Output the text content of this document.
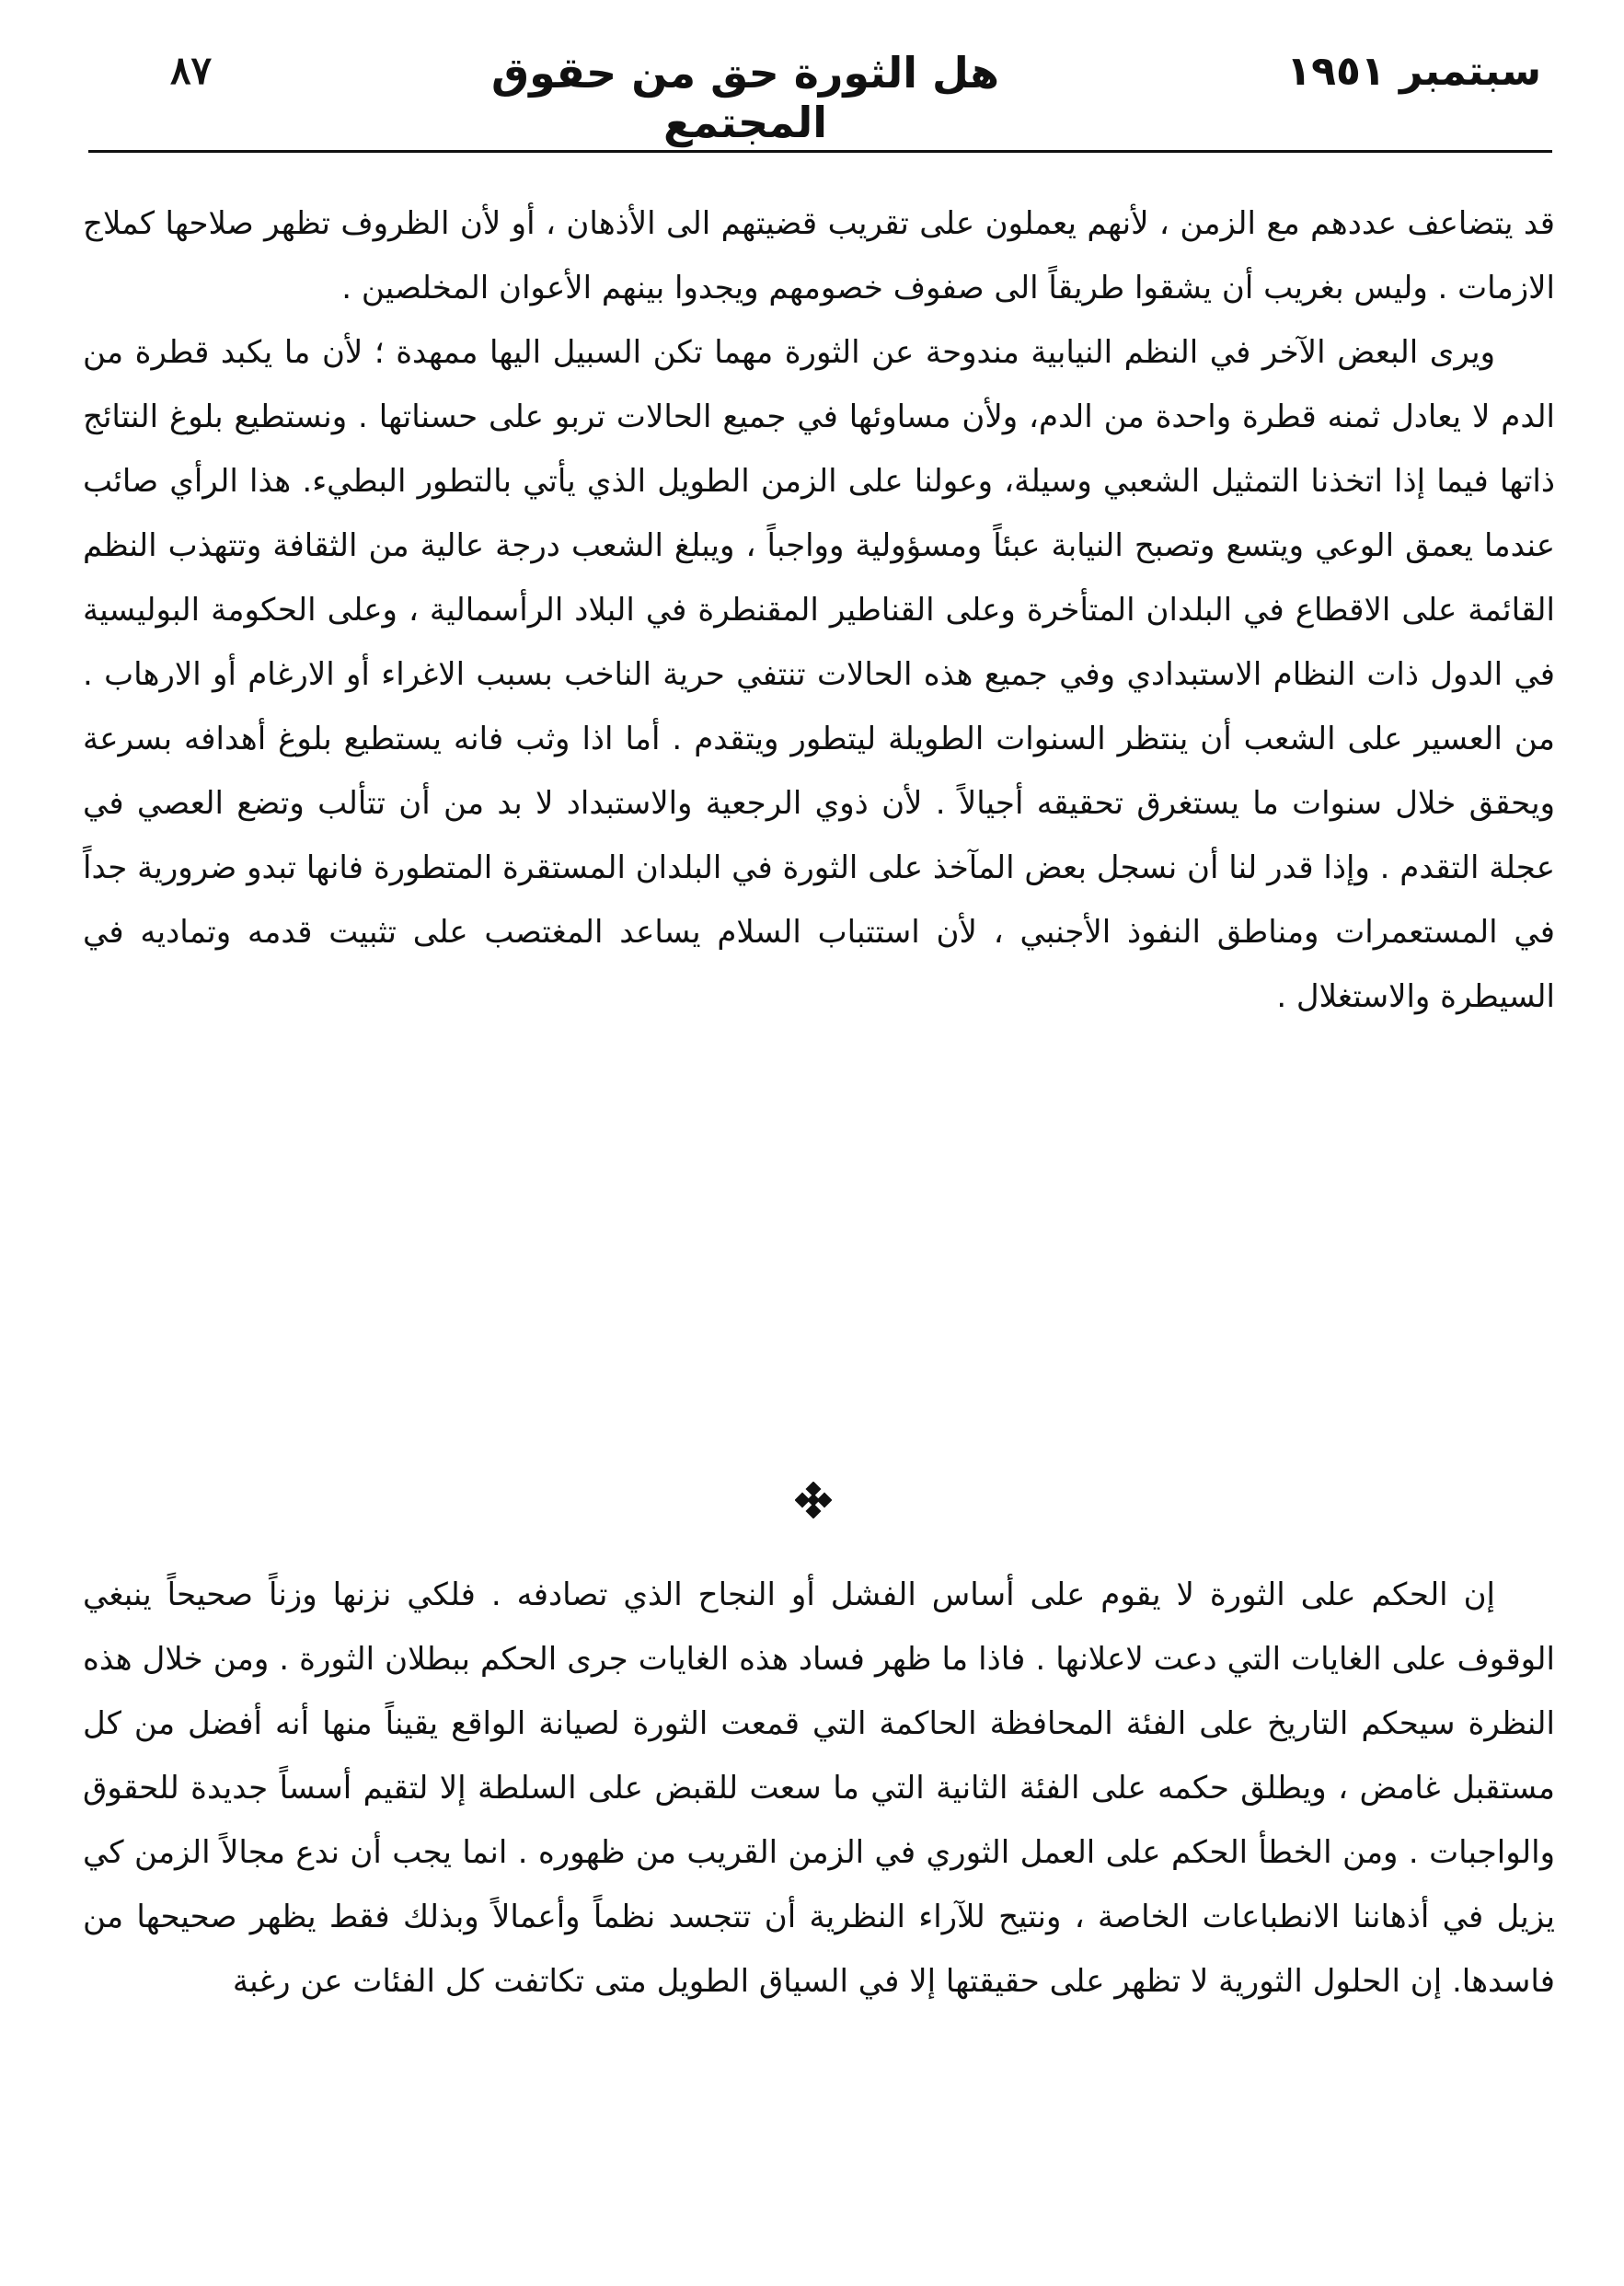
٨٧	هل الثورة حق من حقوق المجتمع
سبتمبر ١٩٥١

قد يتضاعف عددهم مع الزمن ، لأنهم يعملون على تقريب قضيتهم الى الأذهان ، أو لأن الظروف تظهر صلاحها كملاج الازمات . وليس بغريب أن يشقوا طريقاً الى صفوف خصومهم ويجدوا بينهم الأعوان المخلصين .

ويرى البعض الآخر في النظم النيابية مندوحة عن الثورة مهما تكن السبيل اليها ممهدة ؛ لأن ما يكبد قطرة من الدم لا يعادل ثمنه قطرة واحدة من الدم، ولأن مساوئها في جميع الحالات تربو على حسناتها . ونستطيع بلوغ النتائج ذاتها فيما إذا اتخذنا التمثيل الشعبي وسيلة، وعولنا على الزمن الطويل الذي يأتي بالتطور البطيء. هذا الرأي صائب عندما يعمق الوعي ويتسع وتصبح النيابة عبئاً ومسؤولية وواجباً ، ويبلغ الشعب درجة عالية من الثقافة وتتهذب النظم القائمة على الاقطاع في البلدان المتأخرة وعلى القناطير المقنطرة في البلاد الرأسمالية ، وعلى الحكومة البوليسية في الدول ذات النظام الاستبدادي وفي جميع هذه الحالات تنتفي حرية الناخب بسبب الاغراء أو الارغام أو الارهاب . من العسير على الشعب أن ينتظر السنوات الطويلة ليتطور ويتقدم . أما اذا وثب فانه يستطيع بلوغ أهدافه بسرعة ويحقق خلال سنوات ما يستغرق تحقيقه أجيالاً . لأن ذوي الرجعية والاستبداد لا بد من أن تتألب وتضع العصي في عجلة التقدم . وإذا قدر لنا أن نسجل بعض المآخذ على الثورة في البلدان المستقرة المتطورة فانها تبدو ضرورية جداً في المستعمرات ومناطق النفوذ الأجنبي ، لأن استتباب السلام يساعد المغتصب على تثبيت قدمه وتماديه في السيطرة والاستغلال .

إن الحكم على الثورة لا يقوم على أساس الفشل أو النجاح الذي تصادفه . فلكي نزنها وزناً صحيحاً ينبغي الوقوف على الغايات التي دعت لاعلانها . فاذا ما ظهر فساد هذه الغايات جرى الحكم ببطلان الثورة . ومن خلال هذه النظرة سيحكم التاريخ على الفئة المحافظة الحاكمة التي قمعت الثورة لصيانة الواقع يقيناً منها أنه أفضل من كل مستقبل غامض ، ويطلق حكمه على الفئة الثانية التي ما سعت للقبض على السلطة إلا لتقيم أسساً جديدة للحقوق والواجبات . ومن الخطأ الحكم على العمل الثوري في الزمن القريب من ظهوره . انما يجب أن ندع مجالاً الزمن كي يزيل في أذهاننا الانطباعات الخاصة ، ونتيح للآراء النظرية أن تتجسد نظماً وأعمالاً وبذلك فقط يظهر صحيحها من فاسدها. إن الحلول الثورية لا تظهر على حقيقتها إلا في السياق الطويل متى تكاتفت كل الفئات عن رغبة
